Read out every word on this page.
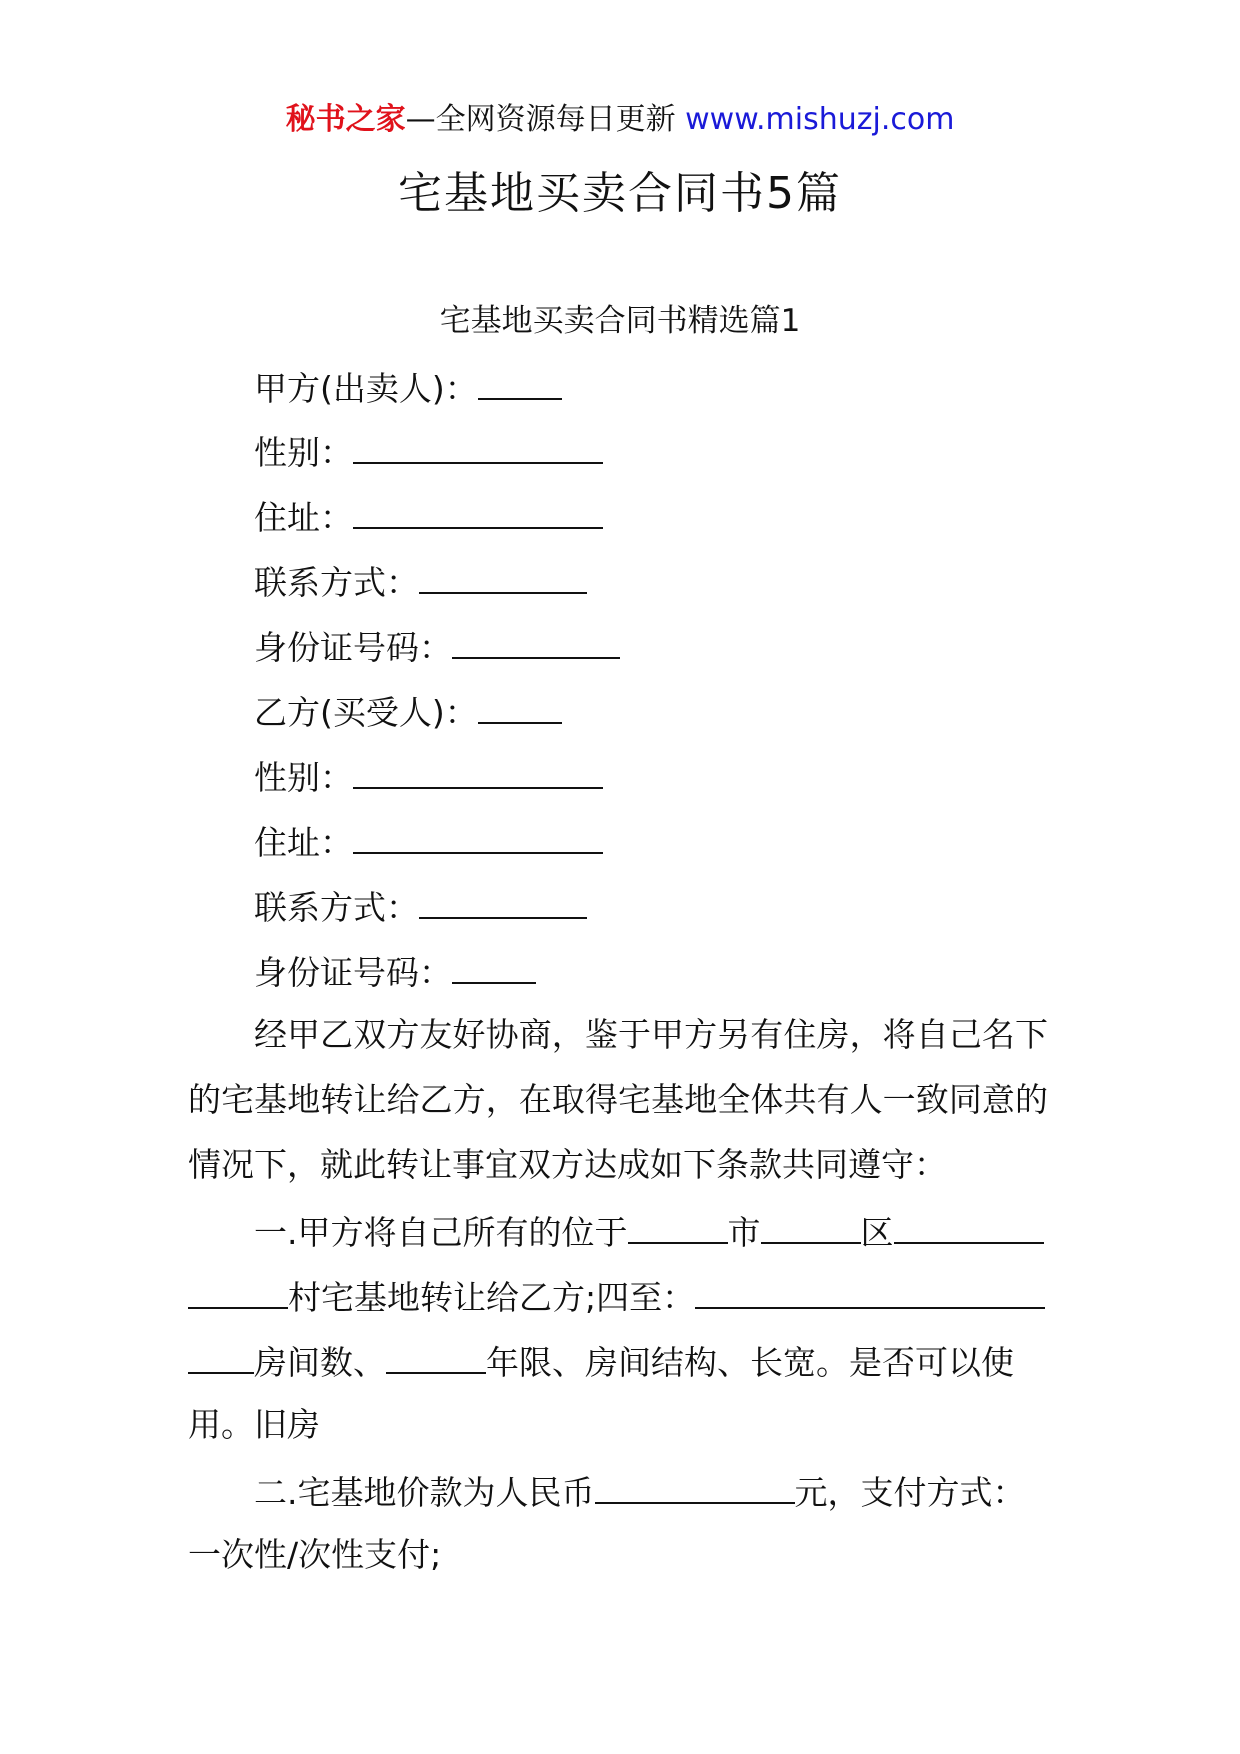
秘书之家—全网资源每日更新 www.mishuzj.com
宅基地买卖合同书5篇
宅基地买卖合同书精选篇1
甲方(出卖人)：
性别：
住址：
联系方式：
身份证号码：
乙方(买受人)：
性别：
住址：
联系方式：
身份证号码：
经甲乙双方友好协商，鉴于甲方另有住房，将自己名下的宅基地转让给乙方，在取得宅基地全体共有人一致同意的情况下，就此转让事宜双方达成如下条款共同遵守：
一.甲方将自己所有的位于	市	区
村宅基地转让给乙方;四至：
房间数、	年限、房间结构、长宽。是否可以使
用。旧房
二.宅基地价款为人民币	元，支付方式：
一次性/次性支付;
